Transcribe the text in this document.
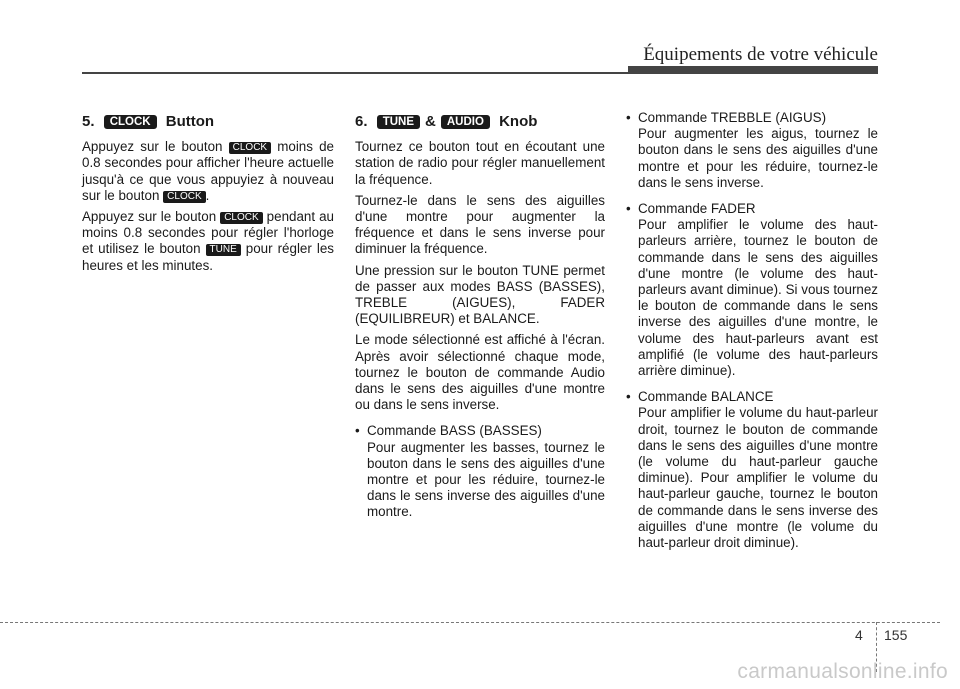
Équipements de votre véhicule
5. CLOCK Button

Appuyez sur le bouton CLOCK moins de 0.8 secondes pour afficher l'heure actuelle jusqu'à ce que vous appuyiez à nouveau sur le bouton CLOCK .

Appuyez sur le bouton CLOCK pendant au moins 0.8 secondes pour régler l'horloge et utilisez le bouton TUNE pour régler les heures et les minutes.

6. TUNE & AUDIO Knob

Tournez ce bouton tout en écoutant une station de radio pour régler manuellement la fréquence.

Tournez-le dans le sens des aiguilles d'une montre pour augmenter la fréquence et dans le sens inverse pour diminuer la fréquence.

Une pression sur le bouton TUNE permet de passer aux modes BASS (BASSES), TREBLE (AIGUES), FADER (EQUILIBREUR) et BALANCE.

Le mode sélectionné est affiché à l'écran. Après avoir sélectionné chaque mode, tournez le bouton de commande Audio dans le sens des aiguilles d'une montre ou dans le sens inverse.

• Commande BASS (BASSES)
Pour augmenter les basses, tournez le bouton dans le sens des aiguilles d'une montre et pour les réduire, tournez-le dans le sens inverse des aiguilles d'une montre.
• Commande TREBBLE (AIGUS)
Pour augmenter les aigus, tournez le bouton dans le sens des aiguilles d'une montre et pour les réduire, tournez-le dans le sens inverse.
• Commande FADER
Pour amplifier le volume des haut-parleurs arrière, tournez le bouton de commande dans le sens des aiguilles d'une montre (le volume des haut-parleurs avant diminue). Si vous tournez le bouton de commande dans le sens inverse des aiguilles d'une montre, le volume des haut-parleurs avant est amplifié (le volume des haut-parleurs arrière diminue).
• Commande BALANCE
Pour amplifier le volume du haut-parleur droit, tournez le bouton de commande dans le sens des aiguilles d'une montre (le volume du haut-parleur gauche diminue). Pour amplifier le volume du haut-parleur gauche, tournez le bouton de commande dans le sens inverse des aiguilles d'une montre (le volume du haut-parleur droit diminue).
4 155
carmanualsonline.info
